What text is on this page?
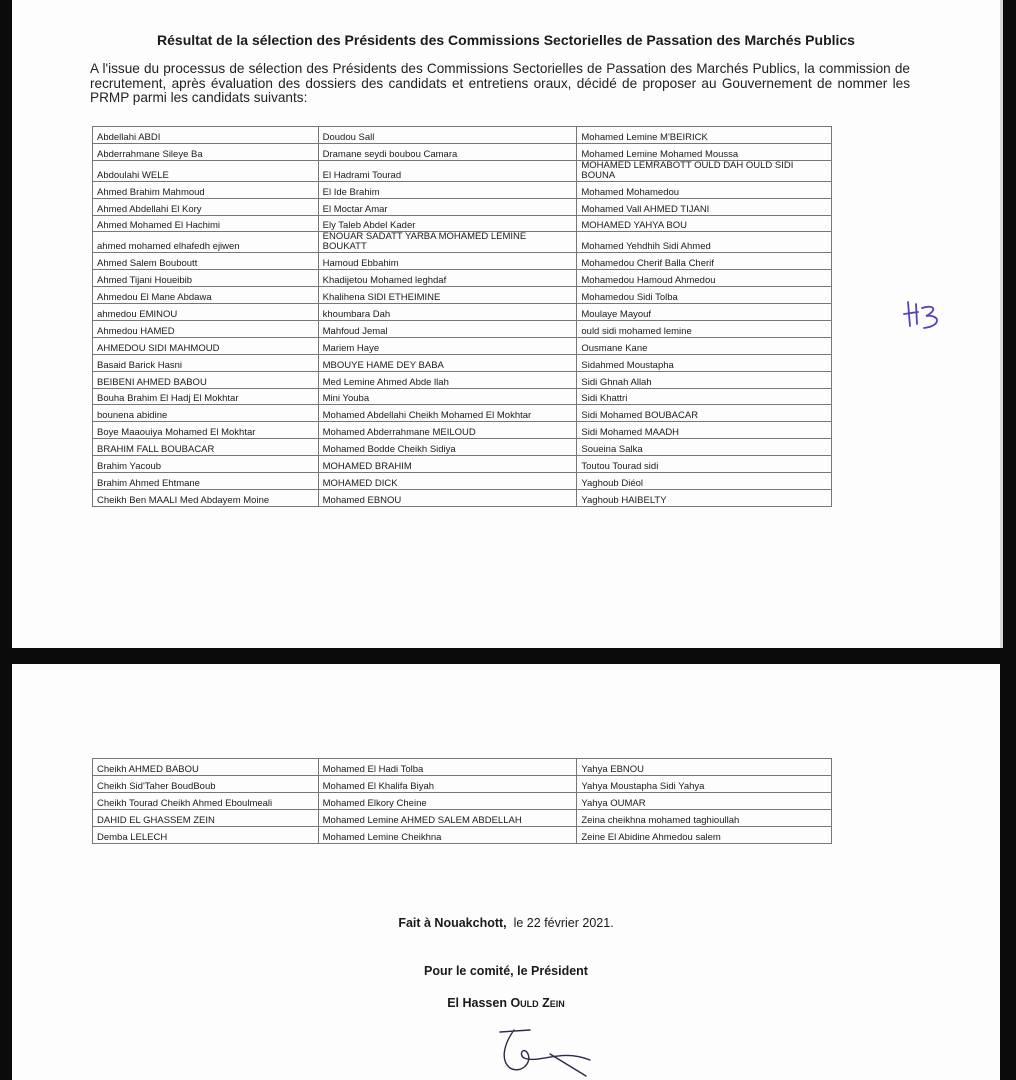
Résultat de la sélection des Présidents des Commissions Sectorielles de Passation des Marchés Publics
A l'issue du processus de sélection des Présidents des Commissions Sectorielles de Passation des Marchés Publics, la commission de recrutement, après évaluation des dossiers des candidats et entretiens oraux, décidé de proposer au Gouvernement de nommer les PRMP parmi les candidats suivants:
Abdellahi ABDI	Doudou Sall	Mohamed Lemine M'BEIRICK
Abderrahmane Sileye Ba	Dramane seydi boubou Camara	Mohamed Lemine Mohamed Moussa
Abdoulahi WELE	El Hadrami Tourad	MOHAMED LEMRABOTT OULD DAH OULD SIDI BOUNA
Ahmed Brahim Mahmoud	El Ide Brahim	Mohamed Mohamedou
Ahmed Abdellahi El Kory	El Moctar Amar	Mohamed Vall AHMED TIJANI
Ahmed Mohamed El Hachimi	Ely Taleb Abdel Kader	MOHAMED YAHYA BOU
ahmed mohamed elhafedh ejiwen	ENOUAR SADATT YARBA MOHAMED LEMINE BOUKATT	Mohamed Yehdhih Sidi Ahmed
Ahmed Salem Bouboutt	Hamoud Ebbahim	Mohamedou Cherif Balla Cherif
Ahmed Tijani Houeibib	Khadijetou Mohamed leghdaf	Mohamedou Hamoud Ahmedou
Ahmedou El Mane Abdawa	Khalihena SIDI ETHEIMINE	Mohamedou Sidi Tolba
ahmedou EMINOU	khoumbara Dah	Moulaye Mayouf
Ahmedou HAMED	Mahfoud Jemal	ould sidi mohamed lemine
AHMEDOU SIDI MAHMOUD	Mariem Haye	Ousmane Kane
Basaid Barick Hasni	MBOUYE HAME DEY BABA	Sidahmed Moustapha
BEIBENI AHMED BABOU	Med Lemine Ahmed Abde llah	Sidi Ghnah Allah
Bouha Brahim El Hadj El Mokhtar	Mini Youba	Sidi Khattri
bounena abidine	Mohamed Abdellahi Cheikh Mohamed El Mokhtar	Sidi Mohamed BOUBACAR
Boye Maaouiya Mohamed El Mokhtar	Mohamed Abderrahmane MEILOUD	Sidi Mohamed MAADH
BRAHIM FALL BOUBACAR	Mohamed Bodde Cheikh Sidiya	Soueina Salka
Brahim Yacoub	MOHAMED BRAHIM	Toutou Tourad sidi
Brahim Ahmed Ehtmane	MOHAMED DICK	Yaghoub Diéol
Cheikh Ben MAALI Med Abdayem Moine	Mohamed EBNOU	Yaghoub HAIBELTY
Cheikh AHMED BABOU	Mohamed El Hadi Tolba	Yahya EBNOU
Cheikh Sid'Taher BoudBoub	Mohamed El Khalifa Biyah	Yahya Moustapha Sidi Yahya
Cheikh Tourad Cheikh Ahmed Eboulmeali	Mohamed Elkory Cheine	Yahya OUMAR
DAHID EL GHASSEM ZEIN	Mohamed Lemine AHMED SALEM ABDELLAH	Zeina cheikhna mohamed taghioullah
Demba LELECH	Mohamed Lemine Cheikhna	Zeine El Abidine Ahmedou salem
Fait à Nouakchott, le 22 février 2021.
Pour le comité, le Président
El Hassen Ould Zein
